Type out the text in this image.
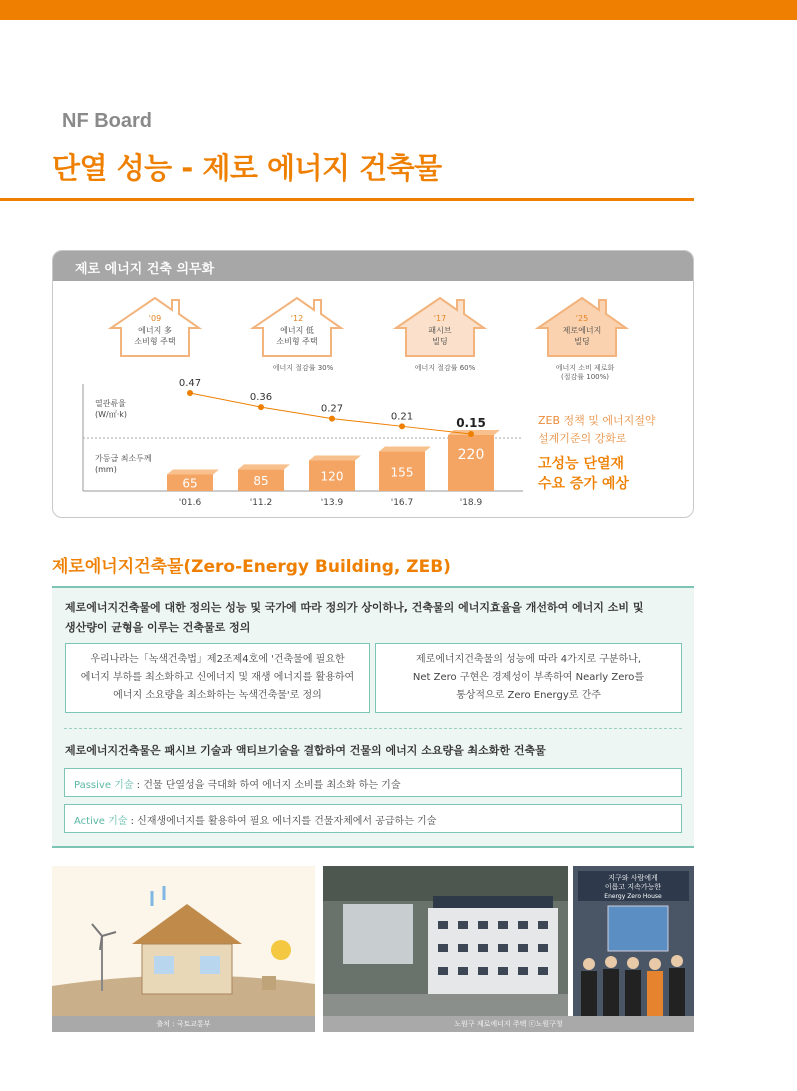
NF Board
단열 성능 - 제로 에너지 건축물
제로 에너지 건축 의무화
'09
에너지 多
소비형 주택
'12
에너지 低
소비형 주택
에너지 절감률 30%
'17
패시브
빌딩
에너지 절감률 60%
'25
제로에너지
빌딩
에너지 소비 제로화
(절감률 100%)
열관류율
(W/㎡·k)
가등급 최소두께
(mm)
65	85	120	155
220
0.47
0.36
0.27
0.21	0.15
'01.6	'11.2	'13.9	'16.7	'18.9
ZEB 정책 및 에너지절약
설계기준의 강화로
고성능 단열재
수요 증가 예상
제로에너지건축물(Zero-Energy Building, ZEB)
제로에너지건축물에 대한 정의는 성능 및 국가에 따라 정의가 상이하나, 건축물의 에너지효율을 개선하여 에너지 소비 및
생산량이 균형을 이루는 건축물로 정의
우리나라는「녹색건축법」제2조제4호에 '건축물에 필요한
에너지 부하를 최소화하고 신에너지 및 재생 에너지를 활용하여
에너지 소요량을 최소화하는 녹색건축물'로 정의
제로에너지건축물의 성능에 따라 4가지로 구분하나,
Net Zero 구현은 경제성이 부족하여 Nearly Zero를
통상적으로 Zero Energy로 간주
제로에너지건축물은 패시브 기술과 액티브기술을 결합하여 건물의 에너지 소요량을 최소화한 건축물
Passive 기술 : 건물 단열성을 극대화 하여 에너지 소비를 최소화 하는 기술
Active 기술 : 신재생에너지를 활용하여 필요 에너지를 건물자체에서 공급하는 기술
지구와 사람에게
이롭고 지속가능한
Energy Zero House
출처 : 국토교통부	노원구 제로에너지 주택 ⓒ노원구청
